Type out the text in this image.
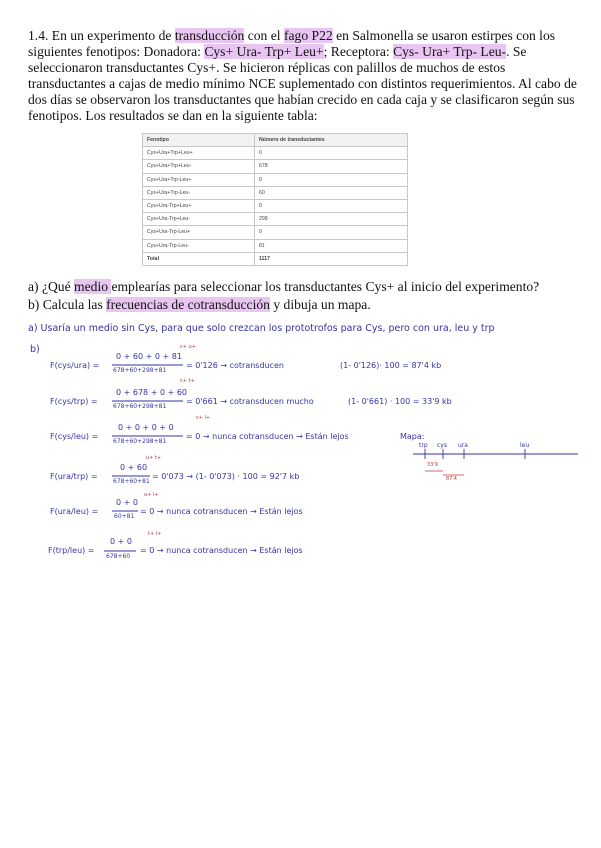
1.4. En un experimento de transducción con el fago P22 en Salmonella se usaron estirpes con los siguientes fenotipos: Donadora: Cys+ Ura- Trp+ Leu+; Receptora: Cys- Ura+ Trp- Leu-. Se seleccionaron transductantes Cys+. Se hicieron réplicas con palillos de muchos de estos transductantes a cajas de medio mínimo NCE suplementado con distintos requerimientos. Al cabo de dos días se observaron los transductantes que habían crecido en cada caja y se clasificaron según sus fenotipos. Los resultados se dan en la siguiente tabla:
Fenotipo	Número de transductantes
Cys+Ura+Trp+Leu+	0
Cys+Ura+Trp+Leu-	678
Cys+Ura+Trp-Leu+	0
Cys+Ura+Trp-Leu-	60
Cys+Ura-Trp+Leu+	0
Cys+Ura-Trp+Leu-	298
Cys+Ura-Trp-Leu+	0
Cys+Ura-Trp-Leu-	81
Total	1117
a) ¿Qué medio emplearías para seleccionar los transductantes Cys+ al inicio del experimento?
b) Calcula las frecuencias de cotransducción y dibuja un mapa.
a) Usaría un medio sin Cys, para que solo crezcan los prototrofos para Cys, pero con ura, leu y trp
b)
F(cys/ura) =
0 + 60 + 0 + 81
678+60+298+81
c+ u+
= 0'126 → cotransducen	(1- 0'126)· 100 = 87'4 kb
F(cys/trp) =
0 + 678 + 0 + 60
678+60+298+81
c+ t+
= 0'661 → cotransducen mucho	(1- 0'661) · 100 = 33'9 kb
F(cys/leu) =
0 + 0 + 0 + 0
678+60+298+81
c+ l+
= 0 → nunca cotransducen → Están lejos	Mapa:
trp cys ura	leu
33'9
87'4
F(ura/trp) =
0 + 60
678+60+81
u+ t+
= 0'073 → (1- 0'073) · 100 = 92'7 kb
F(ura/leu) =
0 + 0
60+81
u+ l+
= 0 → nunca cotransducen → Están lejos
F(trp/leu) =
0 + 0
678+60
t+ l+
= 0 → nunca cotransducen → Están lejos
